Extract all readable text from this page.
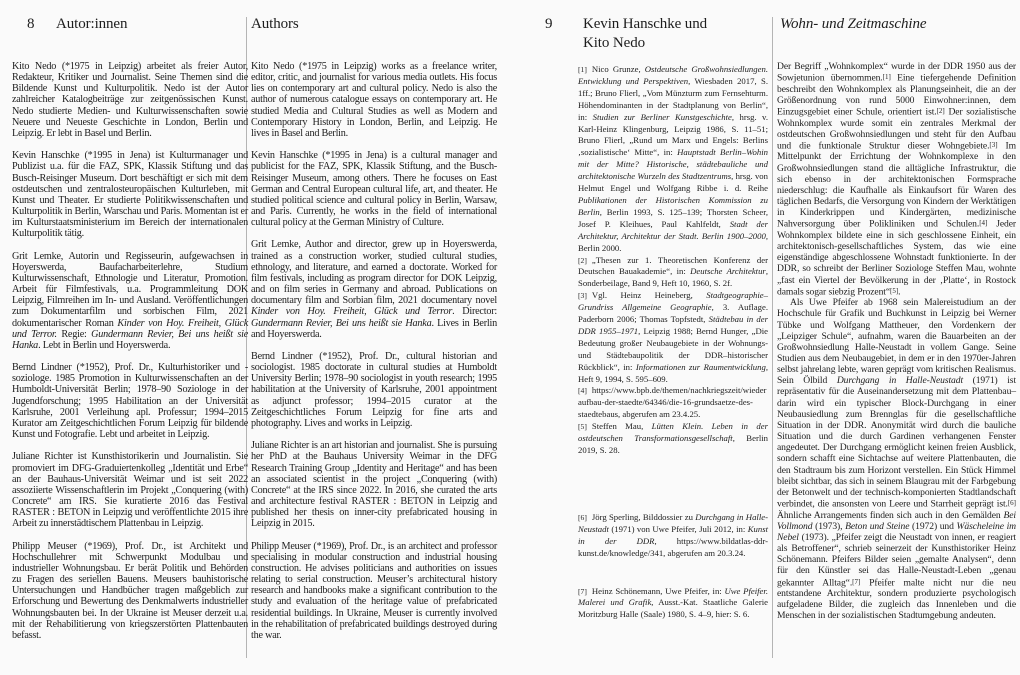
8 Autor:innen	Authors

Kito Nedo (*1975 in Leipzig) arbeitet als freier Autor, Redakteur, Kritiker und Journalist. Seine Themen sind die Bildende Kunst und Kulturpolitik. Nedo ist der Autor zahlreicher Katalogbeiträge zur zeitgenössischen Kunst. Nedo studierte Medien- und Kulturwissenschaften sowie Neuere und Neueste Geschichte in London, Berlin und Leipzig. Er lebt in Basel und Berlin.

Kevin Hanschke (*1995 in Jena) ist Kulturmanager und Publizist u.a. für die FAZ, SPK, Klassik Stiftung und das Busch-Reisinger Museum. Dort beschäftigt er sich mit dem ostdeutschen und zentralosteuropäischen Kulturleben, mit Kunst und Theater. Er studierte Politikwissenschaften und Kulturpolitik in Berlin, Warschau und Paris. Momentan ist er im Kulturstaatsministerium im Bereich der internationalen Kulturpolitik tätig.

Grit Lemke, Autorin und Regisseurin, aufgewachsen in Hoyerswerda, Baufacharbeiterlehre, Studium Kulturwissenschaft, Ethnologie und Literatur, Promotion. Arbeit für Filmfestivals, u.a. Programmleitung DOK Leipzig, Filmreihen im In- und Ausland. Veröffentlichungen zum Dokumentarfilm und sorbischen Film, 2021 dokumentarischer Roman Kinder von Hoy. Freiheit, Glück und Terror. Regie: Gundermann Revier, Bei uns heißt sie Hanka. Lebt in Berlin und Hoyerswerda.

Bernd Lindner (*1952), Prof. Dr., Kulturhistoriker und -soziologe. 1985 Promotion in Kulturwissenschaften an der Humboldt-Universität Berlin; 1978–90 Soziologe in der Jugendforschung; 1995 Habilitation an der Universität Karlsruhe, 2001 Verleihung apl. Professur; 1994–2015 Kurator am Zeitgeschichtlichen Forum Leipzig für bildende Kunst und Fotografie. Lebt und arbeitet in Leipzig.

Juliane Richter ist Kunsthistorikerin und Journalistin. Sie promoviert im DFG-Graduiertenkolleg „Identität und Erbe“ an der Bauhaus-Universität Weimar und ist seit 2022 assoziierte Wissenschaftlerin im Projekt „Conquering (with) Concrete“ am IRS. Sie kuratierte 2016 das Festival RASTER : BETON in Leipzig und veröffentlichte 2015 ihre Arbeit zu innerstädtischem Plattenbau in Leipzig.

Philipp Meuser (*1969), Prof. Dr., ist Architekt und Hochschullehrer mit Schwerpunkt Modulbau und industrieller Wohnungsbau. Er berät Politik und Behörden zu Fragen des seriellen Bauens. Meusers bauhistorische Untersuchungen und Handbücher tragen maßgeblich zur Erforschung und Bewertung des Denkmalwerts industrieller Wohnungsbauten bei. In der Ukraine ist Meuser derzeit u.a. mit der Rehabilitierung von kriegszerstörten Plattenbauten befasst.

Kito Nedo (*1975 in Leipzig) works as a freelance writer, editor, critic, and journalist for various media outlets. His focus lies on contemporary art and cultural policy. Nedo is also the author of numerous catalogue essays on contemporary art. He studied Media and Cultural Studies as well as Modern and Contemporary History in London, Berlin, and Leipzig. He lives in Basel and Berlin.

Kevin Hanschke (*1995 in Jena) is a cultural manager and publicist for the FAZ, SPK, Klassik Stiftung, and the Busch-Reisinger Museum, among others. There he focuses on East German and Central European cultural life, art, and theater. He studied political science and cultural policy in Berlin, Warsaw, and Paris. Currently, he works in the field of international cultural policy at the German Ministry of Culture.

Grit Lemke, Author and director, grew up in Hoyerswerda, trained as a construction worker, studied cultural studies, ethnology, and literature, and earned a doctorate. Worked for film festivals, including as program director for DOK Leipzig, and on film series in Germany and abroad. Publications on documentary film and Sorbian film, 2021 documentary novel Kinder von Hoy. Freiheit, Glück und Terror. Director: Gundermann Revier, Bei uns heißt sie Hanka. Lives in Berlin and Hoyerswerda.

Bernd Lindner (*1952), Prof. Dr., cultural historian and sociologist. 1985 doctorate in cultural studies at Humboldt University Berlin; 1978–90 sociologist in youth research; 1995 habilitation at the University of Karlsruhe, 2001 appointment as adjunct professor; 1994–2015 curator at the Zeitgeschichtliches Forum Leipzig for fine arts and photography. Lives and works in Leipzig.

Juliane Richter is an art historian and journalist. She is pursuing her PhD at the Bauhaus University Weimar in the DFG Research Training Group „Identity and Heritage“ and has been an associated scientist in the project „Conquering (with) Concrete“ at the IRS since 2022. In 2016, she curated the arts and architecture festival RASTER : BETON in Leipzig and published her thesis on inner-city prefabricated housing in Leipzig in 2015.

Philipp Meuser (*1969), Prof. Dr., is an architect and professor specialising in modular construction and industrial housing construction. He advises politicians and authorities on issues relating to serial construction. Meuser’s architectural history research and handbooks make a significant contribution to the study and evaluation of the heritage value of prefabricated residential buildings. In Ukraine, Meuser is currently involved in the rehabilitation of prefabricated buildings destroyed during the war.

9 Kevin Hanschke und
Kito Nedo
Wohn- und Zeitmaschine

[1] Nico Grunze, Ostdeutsche Großwohnsiedlungen. Entwicklung und Perspektiven, Wiesbaden 2017, S. 1ff.; Bruno Flierl, „Vom Münzturm zum Fernsehturm. Höhendominanten in der Stadtplanung von Berlin“, in: Studien zur Berliner Kunstgeschichte, hrsg. v. Karl-Heinz Klingenburg, Leipzig 1986, S. 11–51; Bruno Flierl, „Rund um Marx und Engels: Berlins ‚sozialistische‘ Mitte“, in: Hauptstadt Berlin–Wohin mit der Mitte? Historische, städtebauliche und architektonische Wurzeln des Stadtzentrums, hrsg. von Helmut Engel und Wolfgang Ribbe i. d. Reihe Publikationen der Historischen Kommission zu Berlin, Berlin 1993, S. 125–139; Thorsten Scheer, Josef P. Kleihues, Paul Kahlfeldt, Stadt der Architektur, Architektur der Stadt. Berlin 1900–2000, Berlin 2000.

[2] „Thesen zur 1. Theoretischen Konferenz der Deutschen Bauakademie“, in: Deutsche Architektur, Sonderbeilage, Band 9, Heft 10, 1960, S. 2f.

[3] Vgl. Heinz Heineberg, Stadtgeographie–Grundriss Allgemeine Geographie, 3. Auflage. Paderborn 2006; Thomas Topfstedt, Städtebau in der DDR 1955–1971, Leipzig 1988; Bernd Hunger, „Die Bedeutung großer Neubaugebiete in der Wohnungs- und Städtebaupolitik der DDR–historischer Rückblick“, in: Informationen zur Raumentwicklung, Heft 9, 1994, S. 595–609.

[4] https://www.bpb.de/themen/nachkriegszeit/wiederaufbau-der-staedte/64346/die-16-grundsaetze-des-staedtebaus, abgerufen am 23.4.25.

[5] Steffen Mau, Lütten Klein. Leben in der ostdeutschen Transformationsgesellschaft, Berlin 2019, S. 28.

[6] Jörg Sperling, Bilddossier zu Durchgang in Halle-Neustadt (1971) von Uwe Pfeifer, Juli 2012, in: Kunst in der DDR, https://www.bildatlas-ddr-kunst.de/knowledge/341, abgerufen am 20.3.24.

[7] Heinz Schönemann, Uwe Pfeifer, in: Uwe Pfeifer. Malerei und Grafik, Ausst.-Kat. Staatliche Galerie Moritzburg Halle (Saale) 1980, S. 4–9, hier: S. 6.

Der Begriff „Wohnkomplex“ wurde in der DDR 1950 aus der Sowjetunion übernommen.[1] Eine tiefergehende Definition beschreibt den Wohnkomplex als Planungseinheit, die an der Größenordnung von rund 5000 Einwohner:innen, dem Einzugsgebiet einer Schule, orientiert ist.[2] Der sozialistische Wohnkomplex wurde somit ein zentrales Merkmal der ostdeutschen Großwohnsiedlungen und steht für den Aufbau und die funktionale Struktur dieser Wohngebiete.[3] Im Mittelpunkt der Errichtung der Wohnkomplexe in den Großwohnsiedlungen stand die alltägliche Infrastruktur, die sich ebenso in der architektonischen Formsprache niederschlug: die Kaufhalle als Einkaufsort für Waren des täglichen Bedarfs, die Versorgung von Kindern der Werktätigen in Kinderkrippen und Kindergärten, medizinische Nahversorgung über Polikliniken und Schulen.[4] Jeder Wohnkomplex bildete eine in sich geschlossene Einheit, ein architektonisch-gesellschaftliches System, das wie eine eigenständige abgeschlossene Wohnstadt funktionierte. In der DDR, so schreibt der Berliner Soziologe Steffen Mau, wohnte „fast ein Viertel der Bevölkerung in der ‚Platte‘, in Rostock damals sogar siebzig Prozent“[5].

Als Uwe Pfeifer ab 1968 sein Malereistudium an der Hochschule für Grafik und Buchkunst in Leipzig bei Werner Tübke und Wolfgang Mattheuer, den Vordenkern der „Leipziger Schule“, aufnahm, waren die Bauarbeiten an der Großwohnsiedlung Halle-Neustadt in vollem Gange. Seine Studien aus dem Neubaugebiet, in dem er in den 1970er-Jahren selbst jahrelang lebte, waren geprägt vom kritischen Realismus. Sein Ölbild Durchgang in Halle-Neustadt (1971) ist repräsentativ für die Auseinandersetzung mit dem Plattenbau–darin wird ein typischer Block-Durchgang in einer Neubausiedlung zum Brennglas für die gesellschaftliche Situation in der DDR. Anonymität wird durch die bauliche Situation und die durch Gardinen verhangenen Fenster angedeutet. Der Durchgang ermöglicht keinen freien Ausblick, sondern schafft eine Sichtachse auf weitere Plattenbauten, die den Stadtraum bis zum Horizont verstellen. Ein Stück Himmel bleibt sichtbar, das sich in seinem Blaugrau mit der Farbgebung der Betonwelt und der technisch-komponierten Stadtlandschaft verbindet, die ansonsten von Leere und Starrheit geprägt ist.[6] Ähnliche Arrangements finden sich auch in den Gemälden Bei Vollmond (1973), Beton und Steine (1972) und Wäscheleine im Nebel (1973). „Pfeifer zeigt die Neustadt von innen, er reagiert als Betroffener“, schrieb seinerzeit der Kunsthistoriker Heinz Schönemann. Pfeifers Bilder seien „gemalte Analysen“, denn für den Künstler sei das Halle-Neustadt-Leben „genau gekannter Alltag“.[7] Pfeifer malte nicht nur die neu entstandene Architektur, sondern produzierte psychologisch aufgeladene Bilder, die zugleich das Innenleben und die Menschen in der sozialistischen Stadtumgebung andeuten.
